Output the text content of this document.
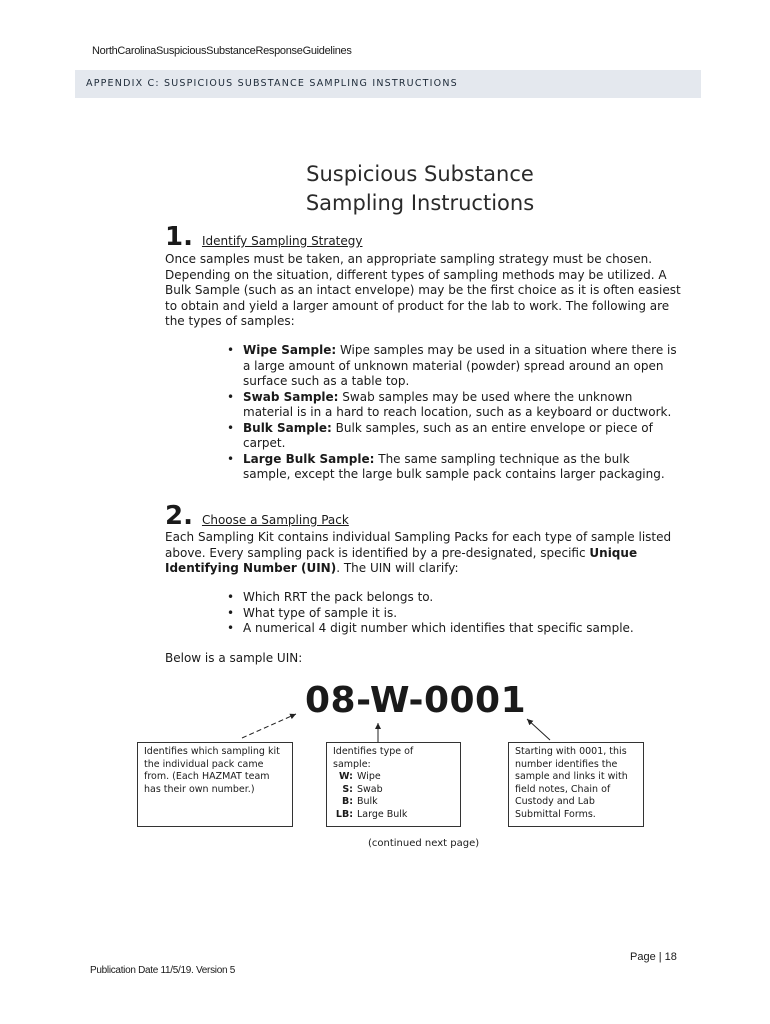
NorthCarolinaSuspiciousSubstanceResponseGuidelines
APPENDIX C: SUSPICIOUS SUBSTANCE SAMPLING INSTRUCTIONS
Suspicious Substance
Sampling Instructions
1. Identify Sampling Strategy

Once samples must be taken, an appropriate sampling strategy must be chosen. Depending on the situation, different types of sampling methods may be utilized. A Bulk Sample (such as an intact envelope) may be the first choice as it is often easiest to obtain and yield a larger amount of product for the lab to work. The following are the types of samples:

• Wipe Sample: Wipe samples may be used in a situation where there is a large amount of unknown material (powder) spread around an open surface such as a table top.
• Swab Sample: Swab samples may be used where the unknown material is in a hard to reach location, such as a keyboard or ductwork.
• Bulk Sample: Bulk samples, such as an entire envelope or piece of carpet.
• Large Bulk Sample: The same sampling technique as the bulk sample, except the large bulk sample pack contains larger packaging.
2. Choose a Sampling Pack

Each Sampling Kit contains individual Sampling Packs for each type of sample listed above. Every sampling pack is identified by a pre-designated, specific Unique Identifying Number (UIN). The UIN will clarify:

• Which RRT the pack belongs to.
• What type of sample it is.
• A numerical 4 digit number which identifies that specific sample.

Below is a sample UIN:

08-W-0001
Identifies which sampling kit the individual pack came from. (Each HAZMAT team has their own number.)
Identifies type of sample:
W: Wipe
S: Swab
B: Bulk
LB: Large Bulk
Starting with 0001, this number identifies the sample and links it with field notes, Chain of Custody and Lab Submittal Forms.
(continued next page)
Page | 18
Publication Date 11/5/19. Version 5
